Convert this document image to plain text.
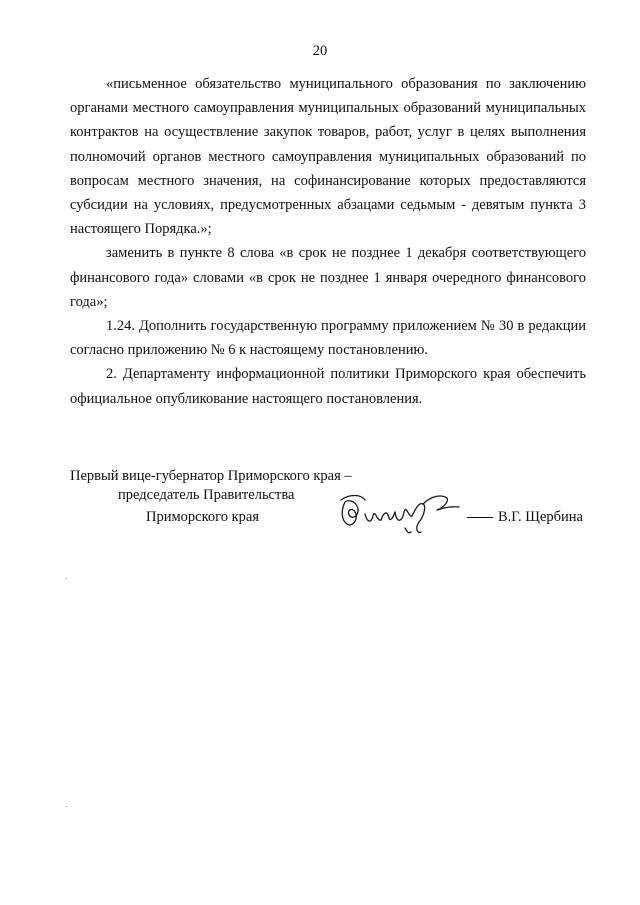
20

«письменное обязательство муниципального образования по заключению органами местного самоуправления муниципальных образований муниципальных контрактов на осуществление закупок товаров, работ, услуг в целях выполнения полномочий органов местного самоуправления муниципальных образований по вопросам местного значения, на софинансирование которых предоставляются субсидии на условиях, предусмотренных абзацами седьмым - девятым пункта 3 настоящего Порядка.»;

заменить в пункте 8 слова «в срок не позднее 1 декабря соответствующего финансового года» словами «в срок не позднее 1 января очередного финансового года»;

1.24. Дополнить государственную программу приложением № 30 в редакции согласно приложению № 6 к настоящему постановлению.

2. Департаменту информационной политики Приморского края обеспечить официальное опубликование настоящего постановления.

Первый вице-губернатор Приморского края –
председатель Правительства
Приморского края	В.Г. Щербина
